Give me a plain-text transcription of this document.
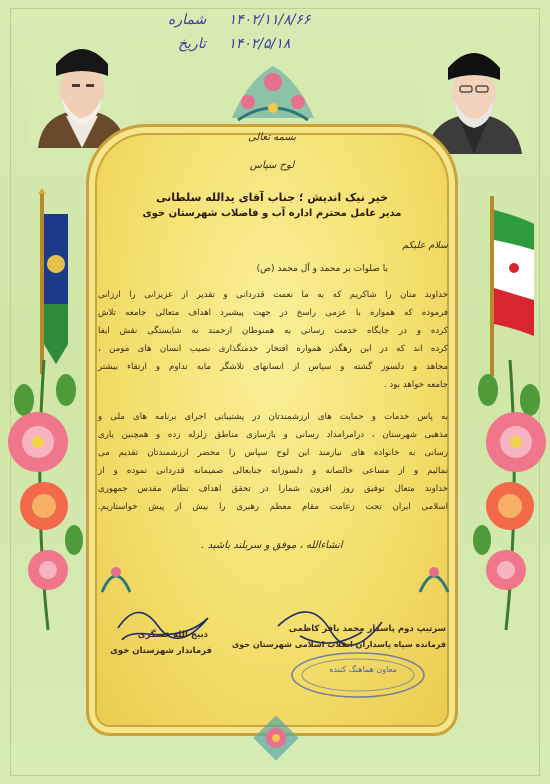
۱۴۰۲/۱۱/۸/۶۶ شماره
۱۴۰۲/۵/۱۸ تاریخ
بسمه تعالی
لوح سپاس
خیر نیک اندیش ؛ جناب آقای یدالله سلطانی
مدیر عامل محترم اداره آب و فاضلاب شهرستان خوی
سلام علیکم
با صلوات بر محمد و آل محمد (ص)
خداوند منان را شاکریم که به ما نعمت قدردانی و تقدیر از عزیزانی را ارزانی
فرموده که همواره با عزمی راسخ در جهت پیشبرد اهداف متعالی جامعه تلاش
کرده و در جایگاه خدمت رسانی به همنوطان ارجمند به شایستگی نقش ایفا
کرده اند که در این رهگذر همواره افتخار خدمتگذاری نصیب انسان های مومن ،
مجاهد و دلسوز گشته و سپاس از انسانهای تلاشگر مایه تداوم و ارتقاء بیشتر
جامعه خواهد بود .
به پاس خدمات و حمایت های ارزشمندتان در پشتیبانی اجرای برنامه های ملی و
مذهبی شهرستان ، درامرامداد رسانی و بازسازی مناطق زلزله زده و همچنین یاری
رسانی به خانواده های نیازمند این لوح سپاس را محضر ارزشمندتان تقدیم می
نمائیم و از مساعی خالصانه و دلسوزانه جنابعالی صمیمانه قدردانی نموده و از
خداوند متعال توفیق روز افزون شمارا در تحقق اهداف نظام مقدس جمهوری
اسلامی ایران تحت زعامت مقام معظم رهبری را بیش از پیش خواستاریم.
انشاءالله ، موفق و سربلند باشید .
ذبیح الله عسگری
فرماندار شهرستان خوی
سرتیپ دوم پاسدار محمد باقر کاظمی
فرمانده سپاه پاسداران انقلاب اسلامی شهرستان خوی
معاون هماهنگ کننده
